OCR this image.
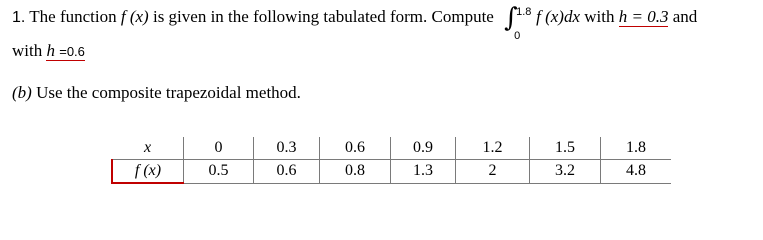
1. The function f (x) is given in the following tabulated form. Compute ∫
1.8
0
f (x)dx with h = 0.3 and
with h =0.6
(b) Use the composite trapezoidal method.
x	0	0.3	0.6	0.9	1.2	1.5	1.8
f (x)	0.5	0.6	0.8	1.3	2	3.2	4.8
